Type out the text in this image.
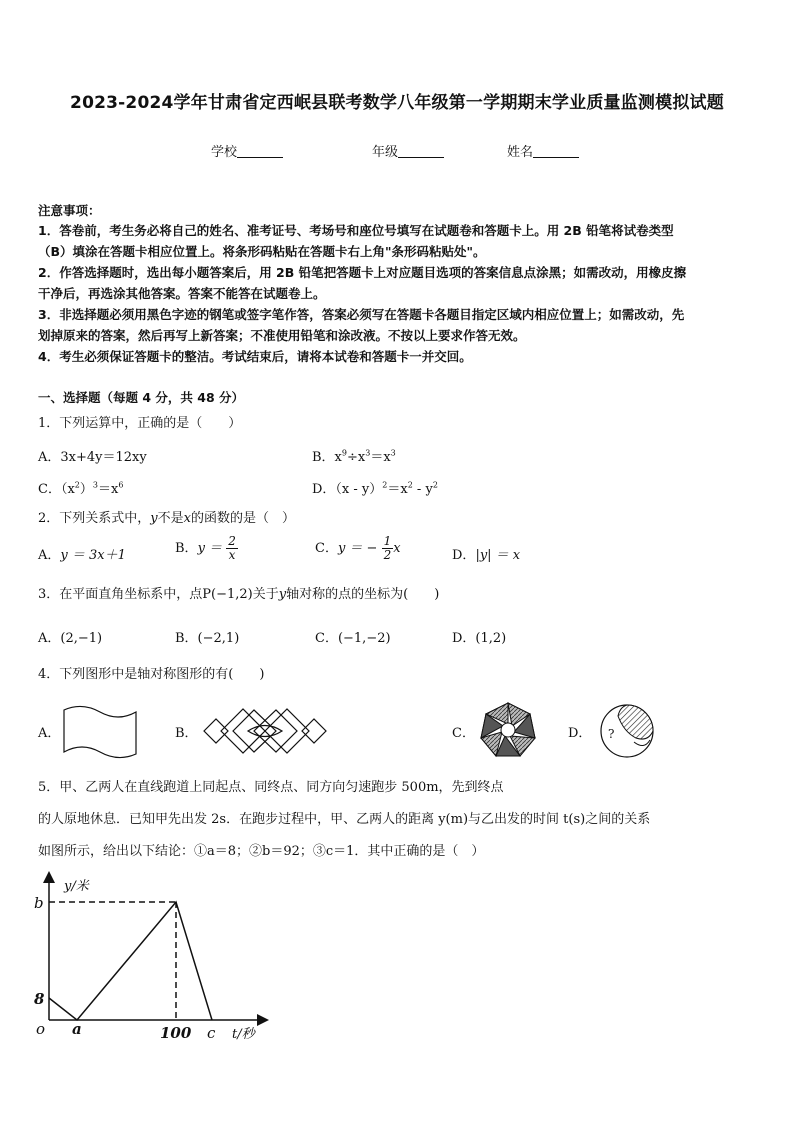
2023-2024学年甘肃省定西岷县联考数学八年级第一学期期末学业质量监测模拟试题
学校	年级	姓名
注意事项：
1．答卷前，考生务必将自己的姓名、准考证号、考场号和座位号填写在试题卷和答题卡上。用 2B 铅笔将试卷类型
（B）填涂在答题卡相应位置上。将条形码粘贴在答题卡右上角"条形码粘贴处"。
2．作答选择题时，选出每小题答案后，用 2B 铅笔把答题卡上对应题目选项的答案信息点涂黑；如需改动，用橡皮擦
干净后，再选涂其他答案。答案不能答在试题卷上。
3．非选择题必须用黑色字迹的钢笔或签字笔作答，答案必须写在答题卡各题目指定区域内相应位置上；如需改动，先
划掉原来的答案，然后再写上新答案；不准使用铅笔和涂改液。不按以上要求作答无效。
4．考生必须保证答题卡的整洁。考试结束后，请将本试卷和答题卡一并交回。
一、选择题（每题 4 分，共 48 分）
1．下列运算中，正确的是（　　）
A．3x+4y＝12xy	B．$x^9\div x^3=x^3$
C．$(x^2)^3=x^6$	D．$(x - y)^2=x^2 - y^2$
2．下列关系式中，y不是x的函数的是（　）
A．y ＝ 3x＋1	B．$y = \frac{2}{x}$	C．y ＝ − $\frac{1}{2}$ x	D．|y| ＝ x
3．在平面直角坐标系中，点P(−1,2)关于y轴对称的点的坐标为(　　)
A．(2,−1)	B．(−2,1)	C．(−1,−2)	D．(1,2)
4．下列图形中是轴对称图形的有(　　)
A．	B．	C．	D． ?
5．甲、乙两人在直线跑道上同起点、同终点、同方向匀速跑步 500m，先到终点
的人原地休息．已知甲先出发 2s．在跑步过程中，甲、乙两人的距离 y(m)与乙出发的时间 t(s)之间的关系
如图所示，给出以下结论：①a＝8；②b＝92；③c＝1．其中正确的是（　）
y/米
b
8
o a	100 c t/秒
